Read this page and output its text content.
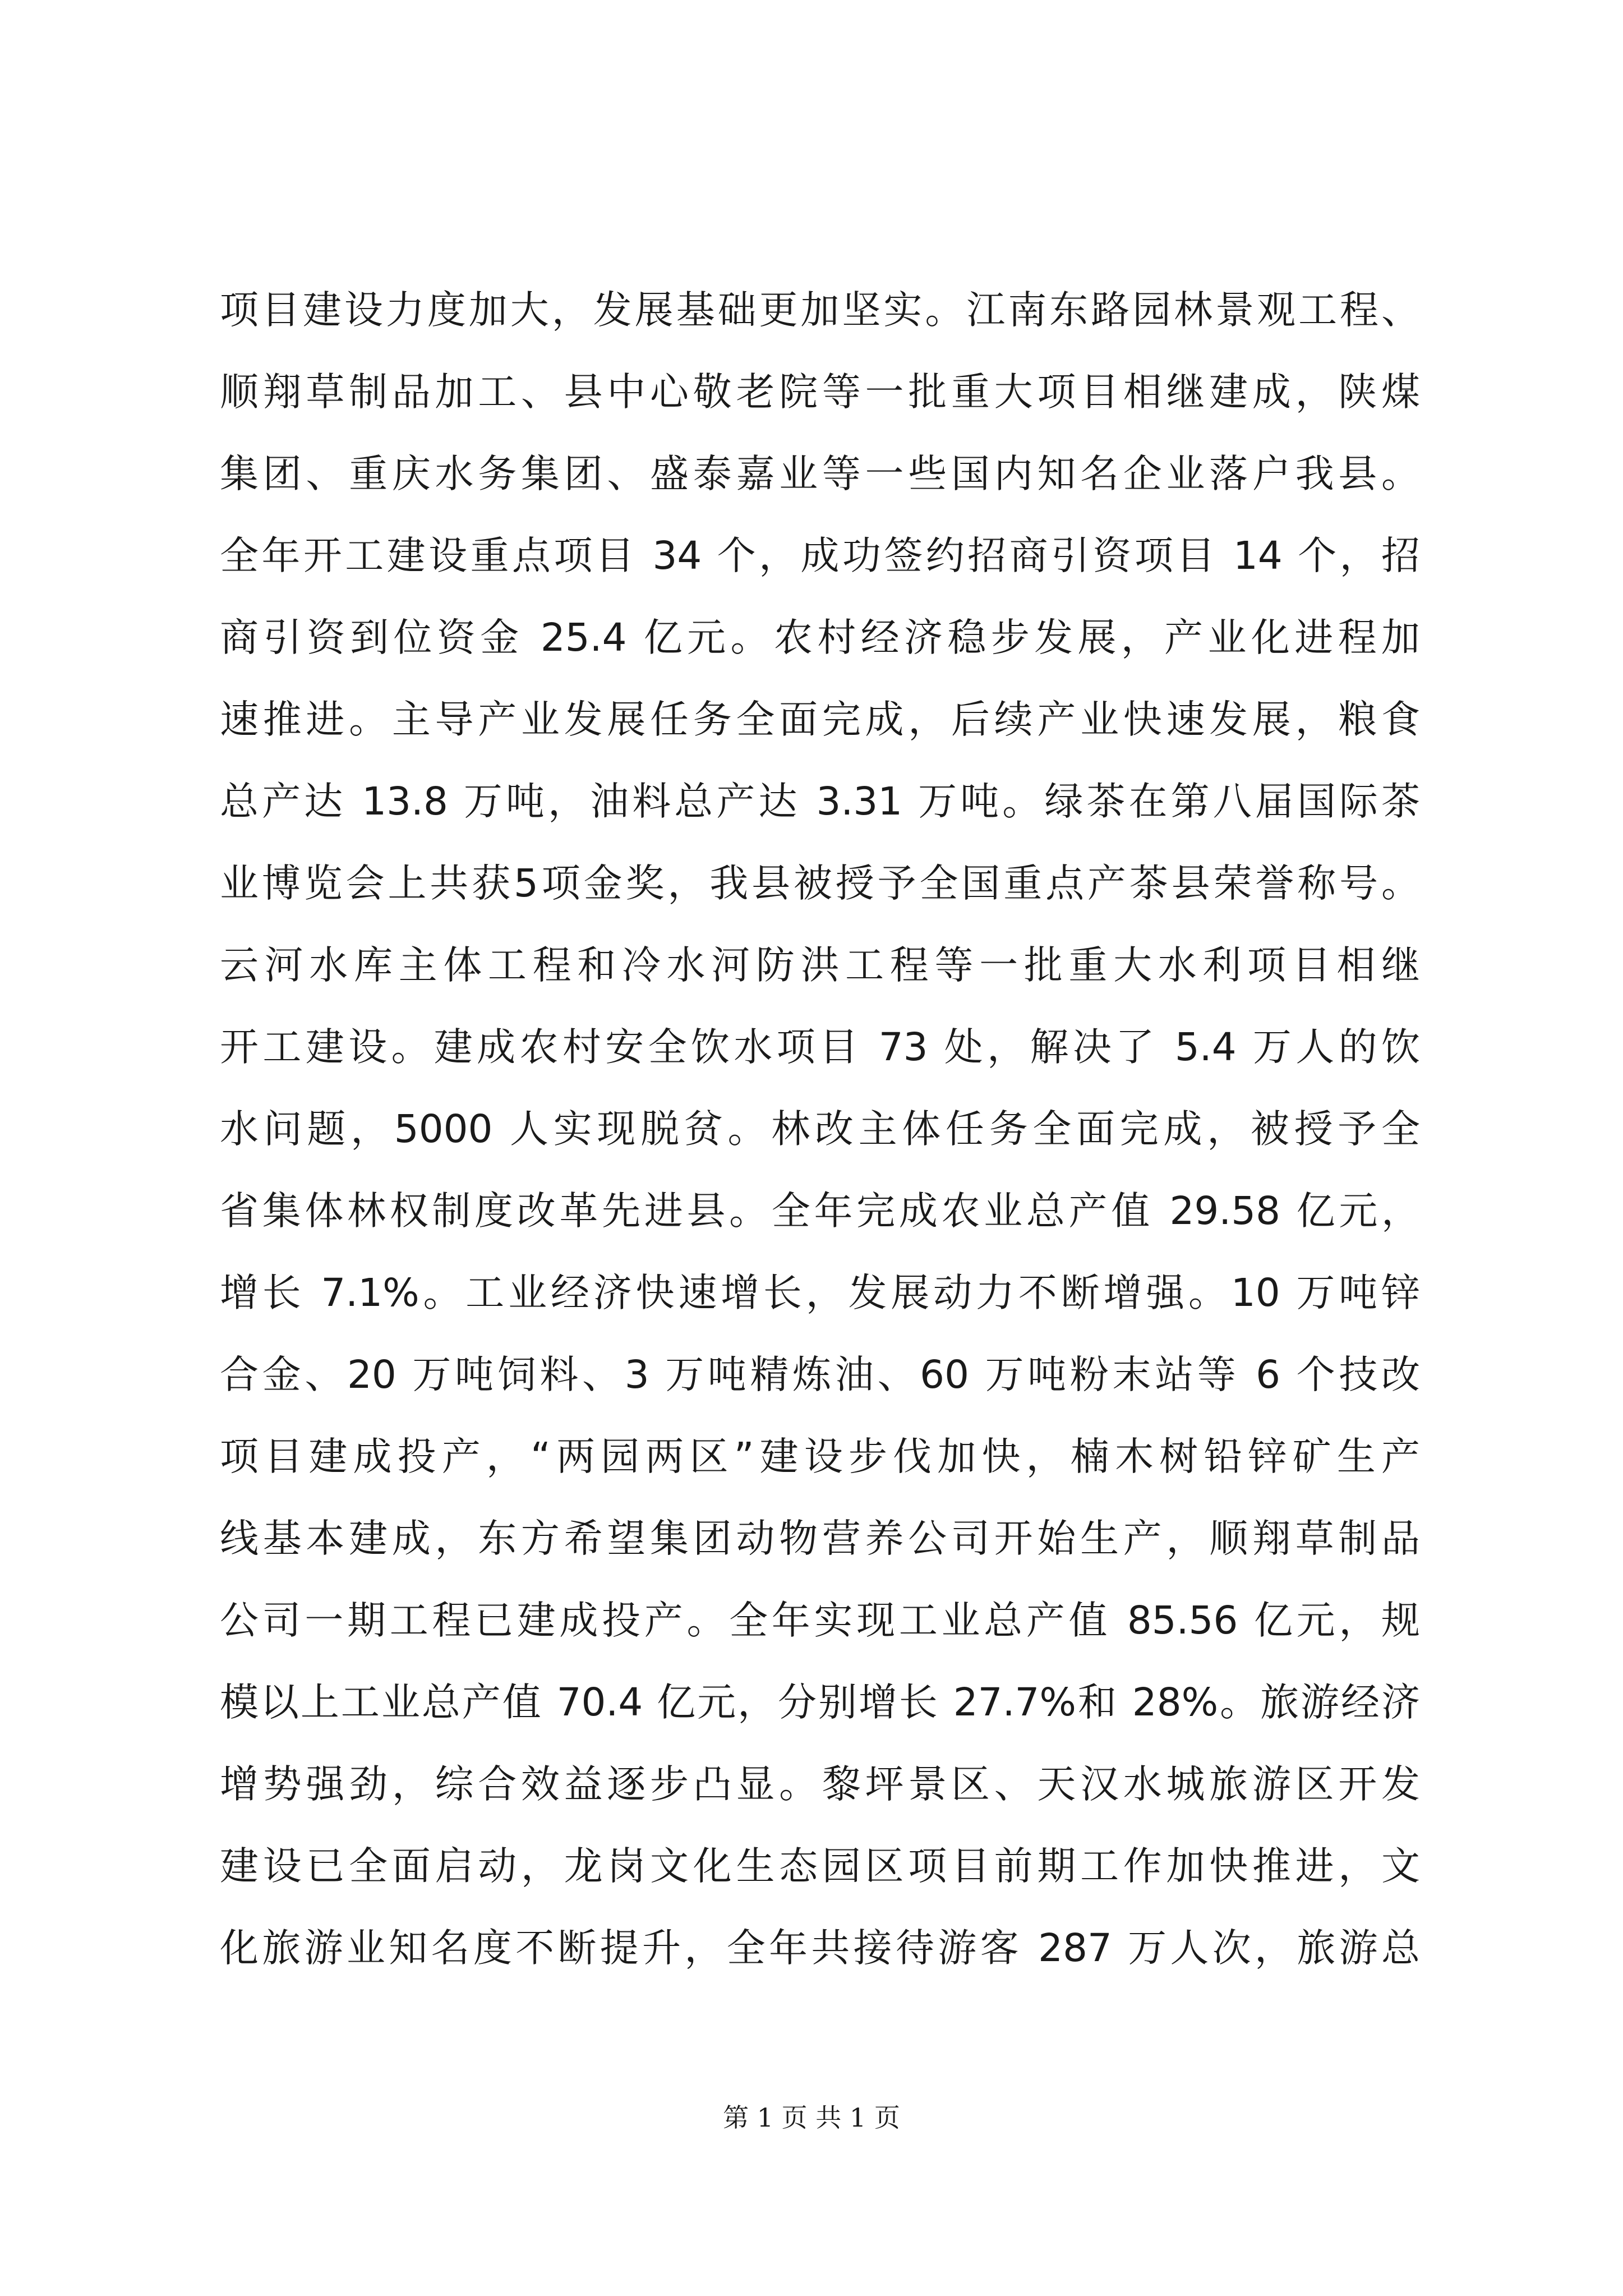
项目建设力度加大，发展基础更加坚实。江南东路园林景观工程、
顺翔草制品加工、县中心敬老院等一批重大项目相继建成，陕煤
集团、重庆水务集团、盛泰嘉业等一些国内知名企业落户我县。
全年开工建设重点项目 34 个，成功签约招商引资项目 14 个，招
商引资到位资金 25.4 亿元。农村经济稳步发展，产业化进程加
速推进。主导产业发展任务全面完成，后续产业快速发展，粮食
总产达 13.8 万吨，油料总产达 3.31 万吨。绿茶在第八届国际茶
业博览会上共获5项金奖，我县被授予全国重点产茶县荣誉称号。
云河水库主体工程和冷水河防洪工程等一批重大水利项目相继
开工建设。建成农村安全饮水项目 73 处，解决了 5.4 万人的饮
水问题，5000 人实现脱贫。林改主体任务全面完成，被授予全
省集体林权制度改革先进县。全年完成农业总产值 29.58 亿元，
增长 7.1%。工业经济快速增长，发展动力不断增强。10 万吨锌
合金、20 万吨饲料、3 万吨精炼油、60 万吨粉末站等 6 个技改
项目建成投产，“两园两区”建设步伐加快，楠木树铅锌矿生产
线基本建成，东方希望集团动物营养公司开始生产，顺翔草制品
公司一期工程已建成投产。全年实现工业总产值 85.56 亿元，规
模以上工业总产值 70.4 亿元，分别增长 27.7%和 28%。旅游经济
增势强劲，综合效益逐步凸显。黎坪景区、天汉水城旅游区开发
建设已全面启动，龙岗文化生态园区项目前期工作加快推进，文
化旅游业知名度不断提升，全年共接待游客 287 万人次，旅游总
第 1 页 共 1 页
